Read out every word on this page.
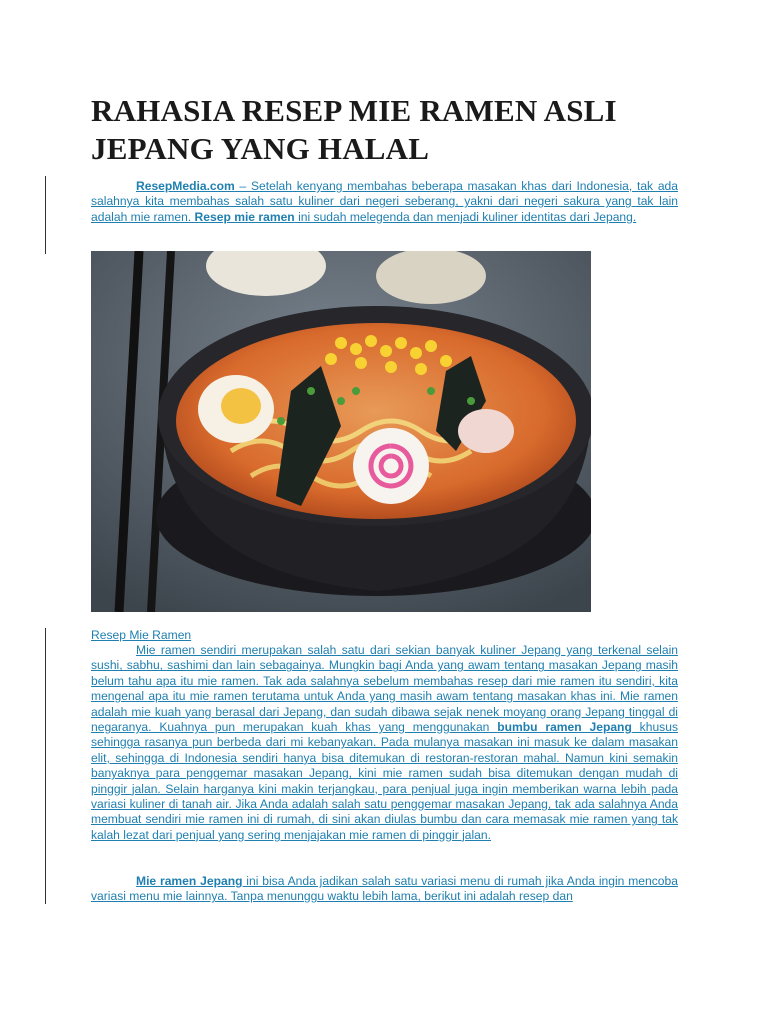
RAHASIA RESEP MIE RAMEN ASLI JEPANG YANG HALAL

ResepMedia.com – Setelah kenyang membahas beberapa masakan khas dari Indonesia, tak ada salahnya kita membahas salah satu kuliner dari negeri seberang, yakni dari negeri sakura yang tak lain adalah mie ramen. Resep mie ramen ini sudah melegenda dan menjadi kuliner identitas dari Jepang.

Resep Mie Ramen

Mie ramen sendiri merupakan salah satu dari sekian banyak kuliner Jepang yang terkenal selain sushi, sabhu, sashimi dan lain sebagainya. Mungkin bagi Anda yang awam tentang masakan Jepang masih belum tahu apa itu mie ramen. Tak ada salahnya sebelum membahas resep dari mie ramen itu sendiri, kita mengenal apa itu mie ramen terutama untuk Anda yang masih awam tentang masakan khas ini. Mie ramen adalah mie kuah yang berasal dari Jepang, dan sudah dibawa sejak nenek moyang orang Jepang tinggal di negaranya. Kuahnya pun merupakan kuah khas yang menggunakan bumbu ramen Jepang khusus sehingga rasanya pun berbeda dari mi kebanyakan. Pada mulanya masakan ini masuk ke dalam masakan elit, sehingga di Indonesia sendiri hanya bisa ditemukan di restoran-restoran mahal. Namun kini semakin banyaknya para penggemar masakan Jepang, kini mie ramen sudah bisa ditemukan dengan mudah di pinggir jalan. Selain harganya kini makin terjangkau, para penjual juga ingin memberikan warna lebih pada variasi kuliner di tanah air. Jika Anda adalah salah satu penggemar masakan Jepang, tak ada salahnya Anda membuat sendiri mie ramen ini di rumah, di sini akan diulas bumbu dan cara memasak mie ramen yang tak kalah lezat dari penjual yang sering menjajakan mie ramen di pinggir jalan.

Mie ramen Jepang ini bisa Anda jadikan salah satu variasi menu di rumah jika Anda ingin mencoba variasi menu mie lainnya. Tanpa menunggu waktu lebih lama, berikut ini adalah resep dan
